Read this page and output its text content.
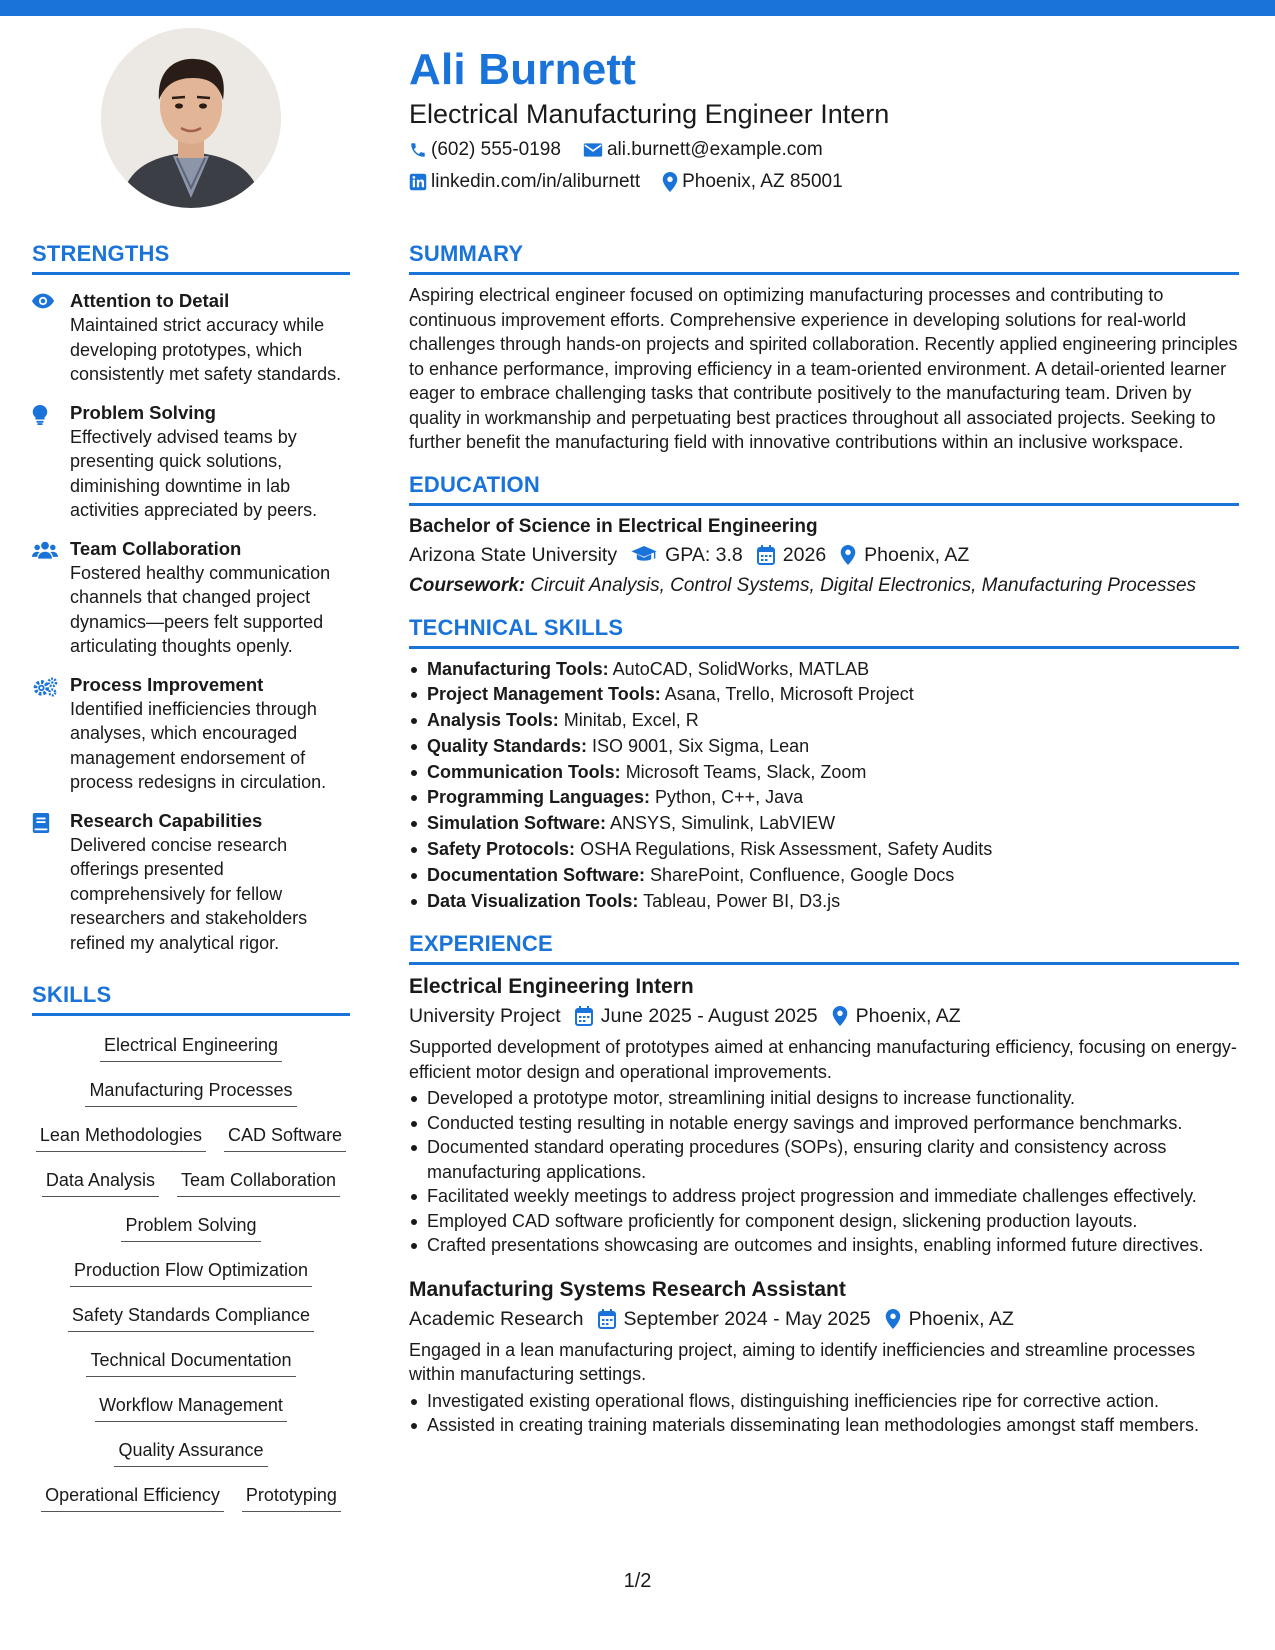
Ali Burnett
Electrical Manufacturing Engineer Intern
(602) 555-0198 ali.burnett@example.com
linkedin.com/in/aliburnett Phoenix, AZ 85001
STRENGTHS
Attention to Detail
Maintained strict accuracy while developing prototypes, which consistently met safety standards.
Problem Solving
Effectively advised teams by presenting quick solutions, diminishing downtime in lab activities appreciated by peers.
Team Collaboration
Fostered healthy communication channels that changed project dynamics—peers felt supported articulating thoughts openly.
Process Improvement
Identified inefficiencies through analyses, which encouraged management endorsement of process redesigns in circulation.
Research Capabilities
Delivered concise research offerings presented comprehensively for fellow researchers and stakeholders refined my analytical rigor.
SKILLS
Electrical Engineering
Manufacturing Processes
Lean Methodologies CAD Software
Data Analysis Team Collaboration
Problem Solving
Production Flow Optimization
Safety Standards Compliance
Technical Documentation
Workflow Management
Quality Assurance
Operational Efficiency Prototyping
SUMMARY
Aspiring electrical engineer focused on optimizing manufacturing processes and contributing to continuous improvement efforts. Comprehensive experience in developing solutions for real-world challenges through hands-on projects and spirited collaboration. Recently applied engineering principles to enhance performance, improving efficiency in a team-oriented environment. A detail-oriented learner eager to embrace challenging tasks that contribute positively to the manufacturing team. Driven by quality in workmanship and perpetuating best practices throughout all associated projects. Seeking to further benefit the manufacturing field with innovative contributions within an inclusive workspace.
EDUCATION
Bachelor of Science in Electrical Engineering
Arizona State University GPA: 3.8 2026 Phoenix, AZ
Coursework: Circuit Analysis, Control Systems, Digital Electronics, Manufacturing Processes
TECHNICAL SKILLS
Manufacturing Tools: AutoCAD, SolidWorks, MATLAB
Project Management Tools: Asana, Trello, Microsoft Project
Analysis Tools: Minitab, Excel, R
Quality Standards: ISO 9001, Six Sigma, Lean
Communication Tools: Microsoft Teams, Slack, Zoom
Programming Languages: Python, C++, Java
Simulation Software: ANSYS, Simulink, LabVIEW
Safety Protocols: OSHA Regulations, Risk Assessment, Safety Audits
Documentation Software: SharePoint, Confluence, Google Docs
Data Visualization Tools: Tableau, Power BI, D3.js
EXPERIENCE
Electrical Engineering Intern
University Project June 2025 - August 2025 Phoenix, AZ
Supported development of prototypes aimed at enhancing manufacturing efficiency, focusing on energy-efficient motor design and operational improvements.
Developed a prototype motor, streamlining initial designs to increase functionality.
Conducted testing resulting in notable energy savings and improved performance benchmarks.
Documented standard operating procedures (SOPs), ensuring clarity and consistency across manufacturing applications.
Facilitated weekly meetings to address project progression and immediate challenges effectively.
Employed CAD software proficiently for component design, slickening production layouts.
Crafted presentations showcasing are outcomes and insights, enabling informed future directives.
Manufacturing Systems Research Assistant
Academic Research September 2024 - May 2025 Phoenix, AZ
Engaged in a lean manufacturing project, aiming to identify inefficiencies and streamline processes within manufacturing settings.
Investigated existing operational flows, distinguishing inefficiencies ripe for corrective action.
Assisted in creating training materials disseminating lean methodologies amongst staff members.
1/2
